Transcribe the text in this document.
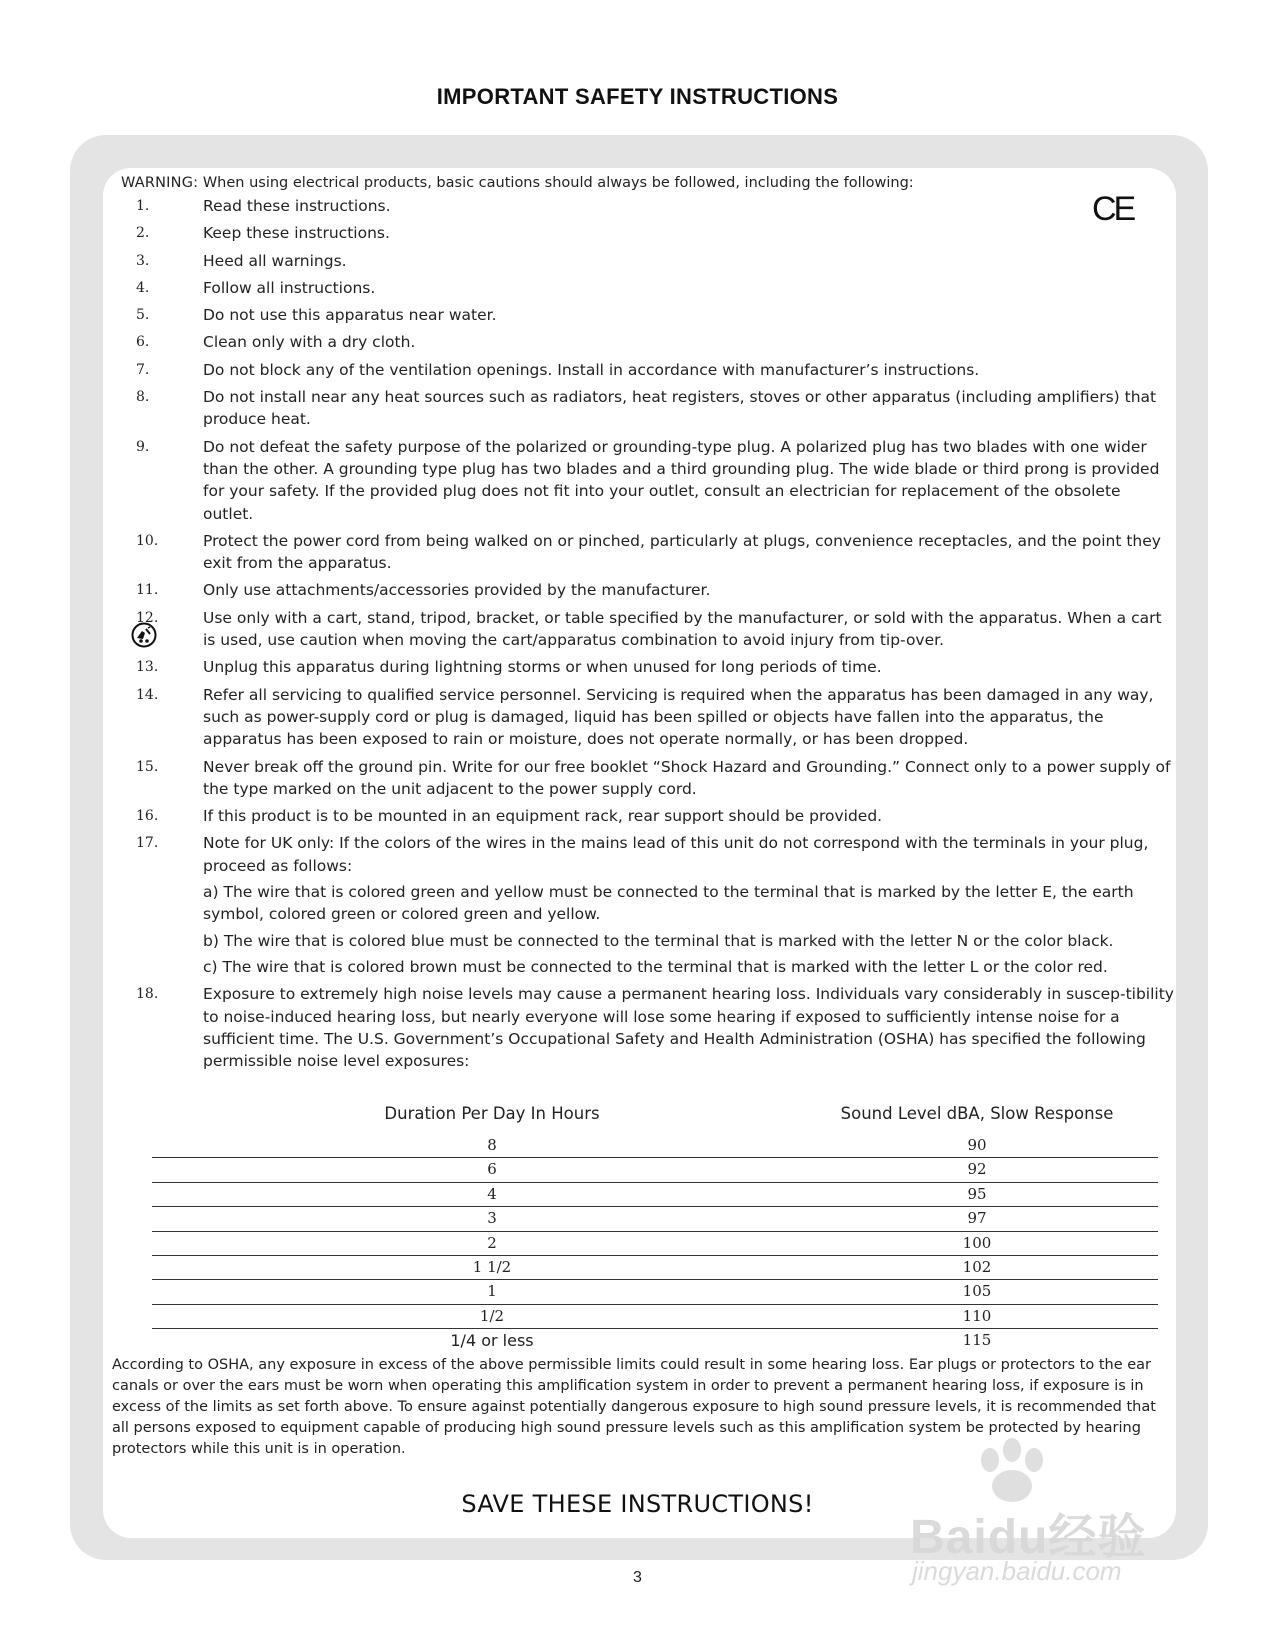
IMPORTANT SAFETY INSTRUCTIONS
WARNING: When using electrical products, basic cautions should always be followed, including the following:
CE
1.	Read these instructions.
2.	Keep these instructions.
3.	Heed all warnings.
4.	Follow all instructions.
5.	Do not use this apparatus near water.
6.	Clean only with a dry cloth.
7.	Do not block any of the ventilation openings. Install in accordance with manufacturer’s instructions.
8.	Do not install near any heat sources such as radiators, heat registers, stoves or other apparatus (including amplifiers) that produce heat.
9.	Do not defeat the safety purpose of the polarized or grounding-type plug. A polarized plug has two blades with one wider than the other. A grounding type plug has two blades and a third grounding plug. The wide blade or third prong is provided for your safety. If the provided plug does not fit into your outlet, consult an electrician for replacement of the obsolete outlet.
10.	Protect the power cord from being walked on or pinched, particularly at plugs, convenience receptacles, and the point they exit from the apparatus.
11.	Only use attachments/accessories provided by the manufacturer.
12.	Use only with a cart, stand, tripod, bracket, or table specified by the manufacturer, or sold with the apparatus. When a cart is used, use caution when moving the cart/apparatus combination to avoid injury from tip-over.
13.	Unplug this apparatus during lightning storms or when unused for long periods of time.
14.	Refer all servicing to qualified service personnel. Servicing is required when the apparatus has been damaged in any way, such as power-supply cord or plug is damaged, liquid has been spilled or objects have fallen into the apparatus, the apparatus has been exposed to rain or moisture, does not operate normally, or has been dropped.
15.	Never break off the ground pin. Write for our free booklet “Shock Hazard and Grounding.” Connect only to a power supply of the type marked on the unit adjacent to the power supply cord.
16.	If this product is to be mounted in an equipment rack, rear support should be provided.
17.	Note for UK only: If the colors of the wires in the mains lead of this unit do not correspond with the terminals in your plug, proceed as follows:
a) The wire that is colored green and yellow must be connected to the terminal that is marked by the letter E, the earth symbol, colored green or colored green and yellow.
b) The wire that is colored blue must be connected to the terminal that is marked with the letter N or the color black.
c) The wire that is colored brown must be connected to the terminal that is marked with the letter L or the color red.
18.	Exposure to extremely high noise levels may cause a permanent hearing loss. Individuals vary considerably in suscep-tibility to noise-induced hearing loss, but nearly everyone will lose some hearing if exposed to sufficiently intense noise for a sufficient time. The U.S. Government’s Occupational Safety and Health Administration (OSHA) has specified the following permissible noise level exposures:
Duration Per Day In Hours	Sound Level dBA, Slow Response
8	90
6	92
4	95
3	97
2	100
1 1/2	102
1	105
1/2	110
1/4 or less	115
According to OSHA, any exposure in excess of the above permissible limits could result in some hearing loss. Ear plugs or protectors to the ear canals or over the ears must be worn when operating this amplification system in order to prevent a permanent hearing loss, if exposure is in excess of the limits as set forth above. To ensure against potentially dangerous exposure to high sound pressure levels, it is recommended that all persons exposed to equipment capable of producing high sound pressure levels such as this amplification system be protected by hearing protectors while this unit is in operation.
SAVE THESE INSTRUCTIONS!
3
Baidu经验
jingyan.baidu.com
